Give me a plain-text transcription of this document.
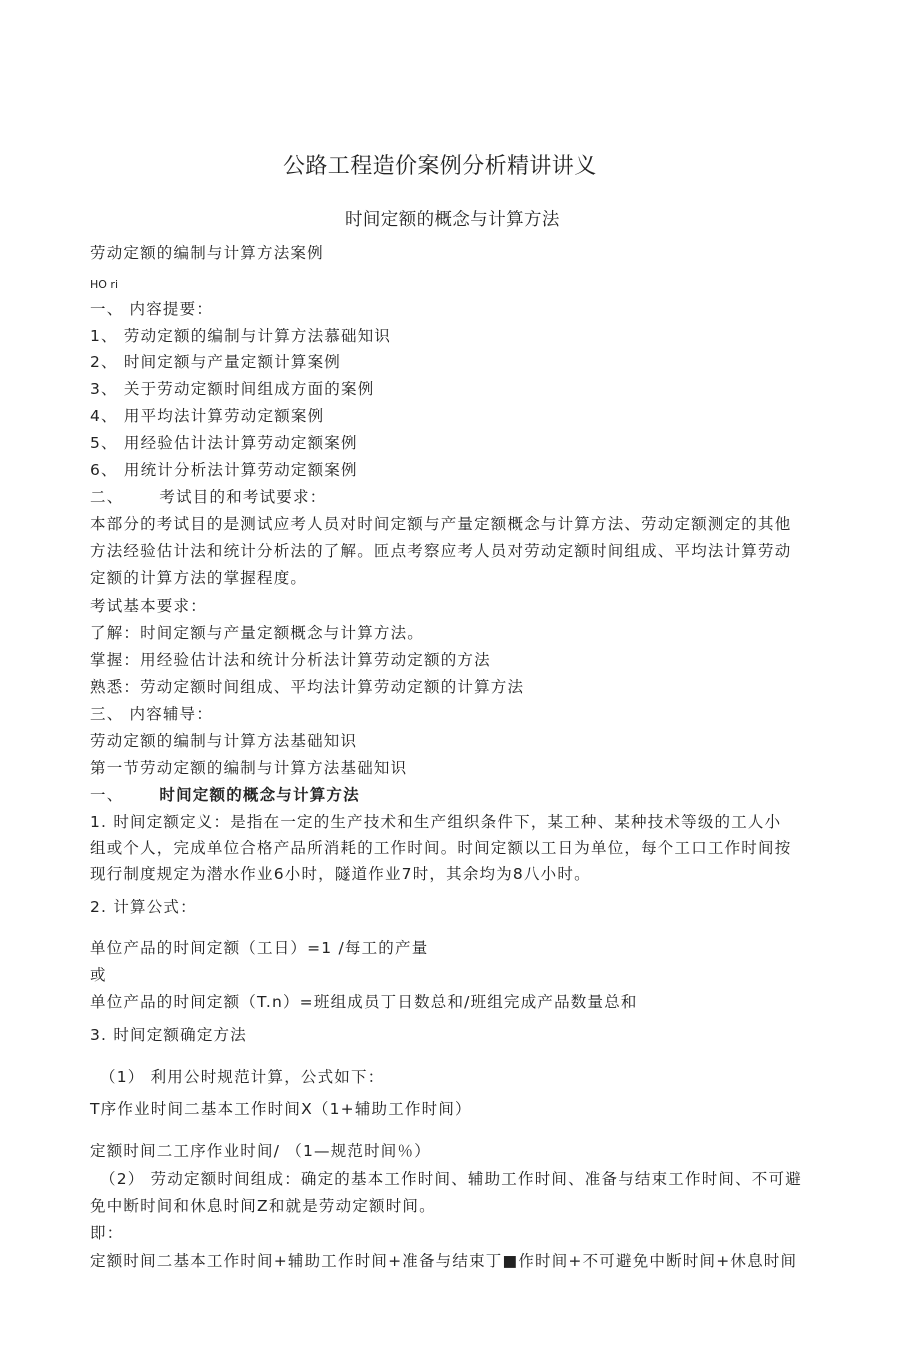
公路工程造价案例分析精讲讲义
时间定额的概念与计算方法
劳动定额的编制与计算方法案例
HO ri
一、 内容提要：
1、 劳动定额的编制与计算方法慕础知识
2、 时间定额与产量定额计算案例
3、 关于劳动定额时间组成方面的案例
4、 用平均法计算劳动定额案例
5、 用经验估计法计算劳动定额案例
6、 用统计分析法计算劳动定额案例
二、 考试目的和考试要求：
本部分的考试目的是测试应考人员对时间定额与产量定额概念与计算方法、劳动定额测定的其他
方法经验估计法和统计分析法的了解。匝点考察应考人员对劳动定额时间组成、平均法计算劳动
定额的计算方法的掌握程度。
考试基本要求：
了解：时间定额与产量定额概念与计算方法。
掌握：用经验估计法和统计分析法计算劳动定额的方法
熟悉：劳动定额时间组成、平均法计算劳动定额的计算方法
三、 内容辅导：
劳动定额的编制与计算方法基础知识
第一节劳动定额的编制与计算方法基础知识
一、 时间定额的概念与计算方法
1. 时间定额定义：是指在一定的生产技术和生产组织条件下，某工种、某种技术等级的工人小
组或个人，完成单位合格产品所消耗的工作时间。时间定额以工日为单位，每个工口工作时间按
现行制度规定为潜水作业6小时，隧道作业7时，其余均为8八小时。
2. 计算公式：
单位产品的时间定额（工日）=1 /每工的产量
或
单位产品的时间定额（T.n）=班组成员丁日数总和/班组完成产品数量总和
3. 时间定额确定方法
（1） 利用公时规范计算，公式如下：
T序作业时间二基本工作时间X（1+辅助工作时间）
定额时间二工序作业时间/ （1—规范时间％）
（2） 劳动定额时间组成：确定的基本工作时间、辅助工作时间、准备与结束工作时间、不可避
免中断时间和休息时间Z和就是劳动定额时间。
即：
定额时间二基本工作时间+辅助工作时间+准备与结束丁■作时间+不可避免中断时间+休息时间
